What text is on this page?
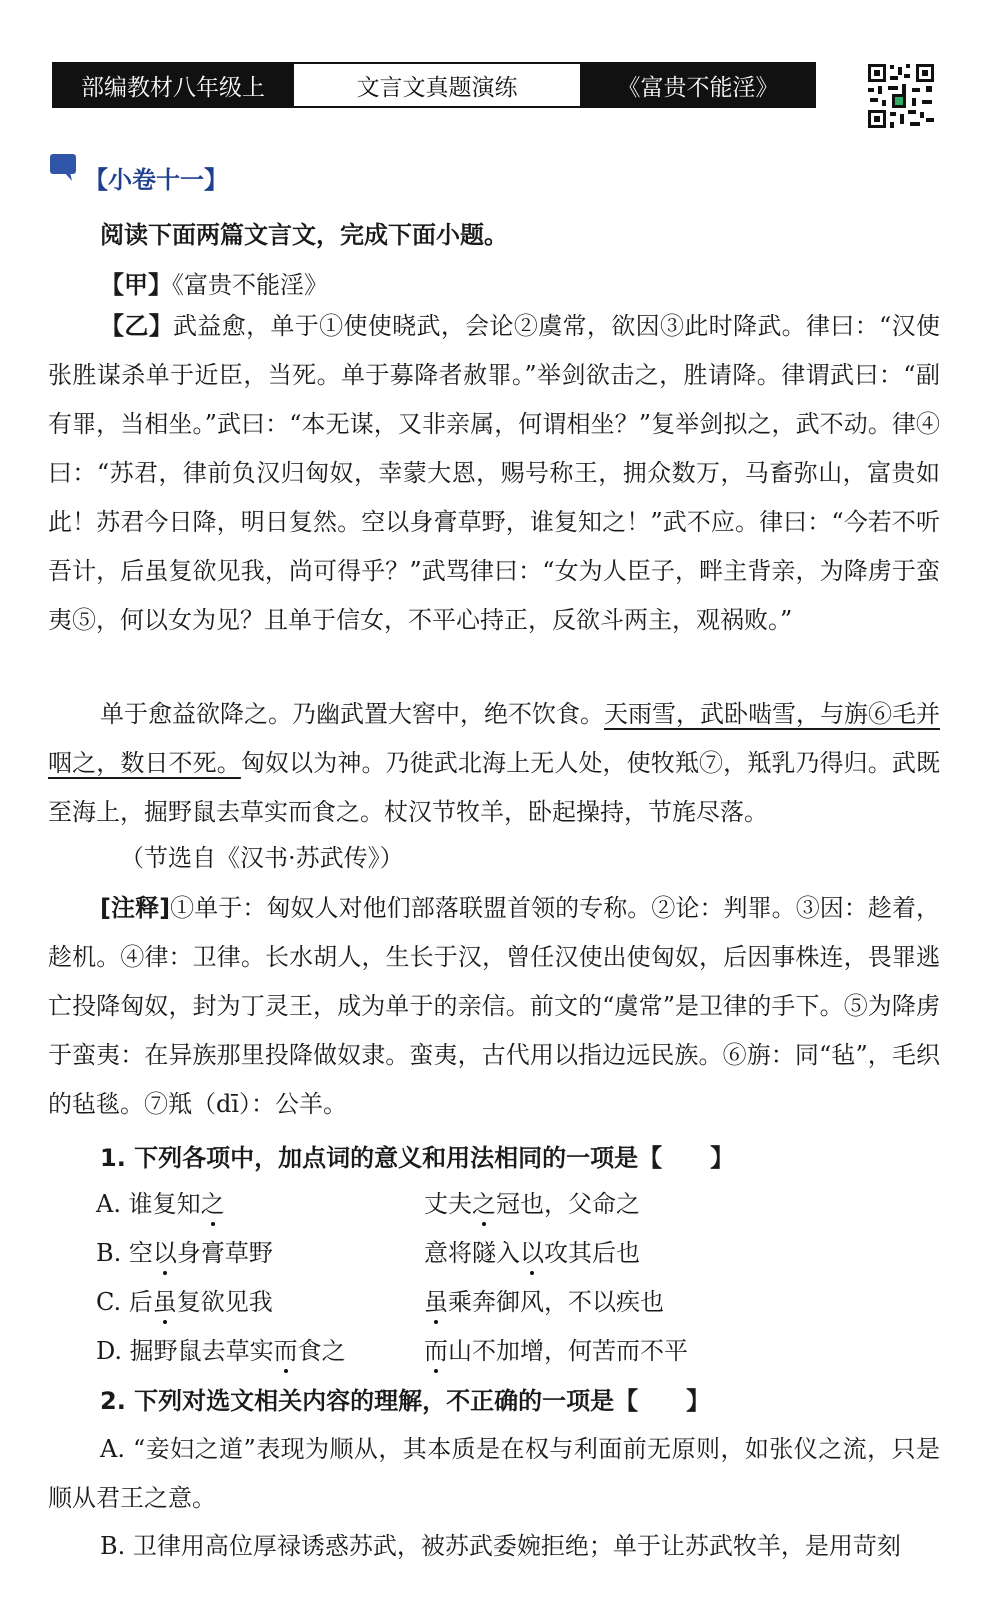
部编教材八年级上	文言文真题演练	《富贵不能淫》
【小卷十一】
阅读下面两篇文言文，完成下面小题。
【甲】《富贵不能淫》
【乙】武益愈，单于①使使晓武，会论②虞常，欲因③此时降武。律曰：“汉使张胜谋杀单于近臣，当死。单于募降者赦罪。”举剑欲击之，胜请降。律谓武曰：“副有罪，当相坐。”武曰：“本无谋，又非亲属，何谓相坐？”复举剑拟之，武不动。律④曰：“苏君，律前负汉归匈奴，幸蒙大恩，赐号称王，拥众数万，马畜弥山，富贵如此！苏君今日降，明日复然。空以身膏草野，谁复知之！”武不应。律曰：“今若不听吾计，后虽复欲见我，尚可得乎？”武骂律曰：“女为人臣子，畔主背亲，为降虏于蛮夷⑤，何以女为见？且单于信女，不平心持正，反欲斗两主，观祸败。”
单于愈益欲降之。乃幽武置大窖中，绝不饮食。天雨雪，武卧啮雪，与旃⑥毛并咽之，数日不死。匈奴以为神。乃徙武北海上无人处，使牧羝⑦，羝乳乃得归。武既至海上，掘野鼠去草实而食之。杖汉节牧羊，卧起操持，节旄尽落。
（节选自《汉书·苏武传》）
[注释]①单于：匈奴人对他们部落联盟首领的专称。②论：判罪。③因：趁着，趁机。④律：卫律。长水胡人，生长于汉，曾任汉使出使匈奴，后因事株连，畏罪逃亡投降匈奴，封为丁灵王，成为单于的亲信。前文的“虞常”是卫律的手下。⑤为降虏于蛮夷：在异族那里投降做奴隶。蛮夷，古代用以指边远民族。⑥旃：同“毡”，毛织的毡毯。⑦羝（dī）：公羊。
1. 下列各项中，加点词的意义和用法相同的一项是【　　】
A. 谁复知之	丈夫之冠也，父命之
B. 空以身膏草野	意将隧入以攻其后也
C. 后虽复欲见我	虽乘奔御风，不以疾也
D. 掘野鼠去草实而食之	而山不加增，何苦而不平
2. 下列对选文相关内容的理解，不正确的一项是【　　】
A. “妾妇之道”表现为顺从，其本质是在权与利面前无原则，如张仪之流，只是顺从君王之意。
B. 卫律用高位厚禄诱惑苏武，被苏武委婉拒绝；单于让苏武牧羊，是用苛刻
